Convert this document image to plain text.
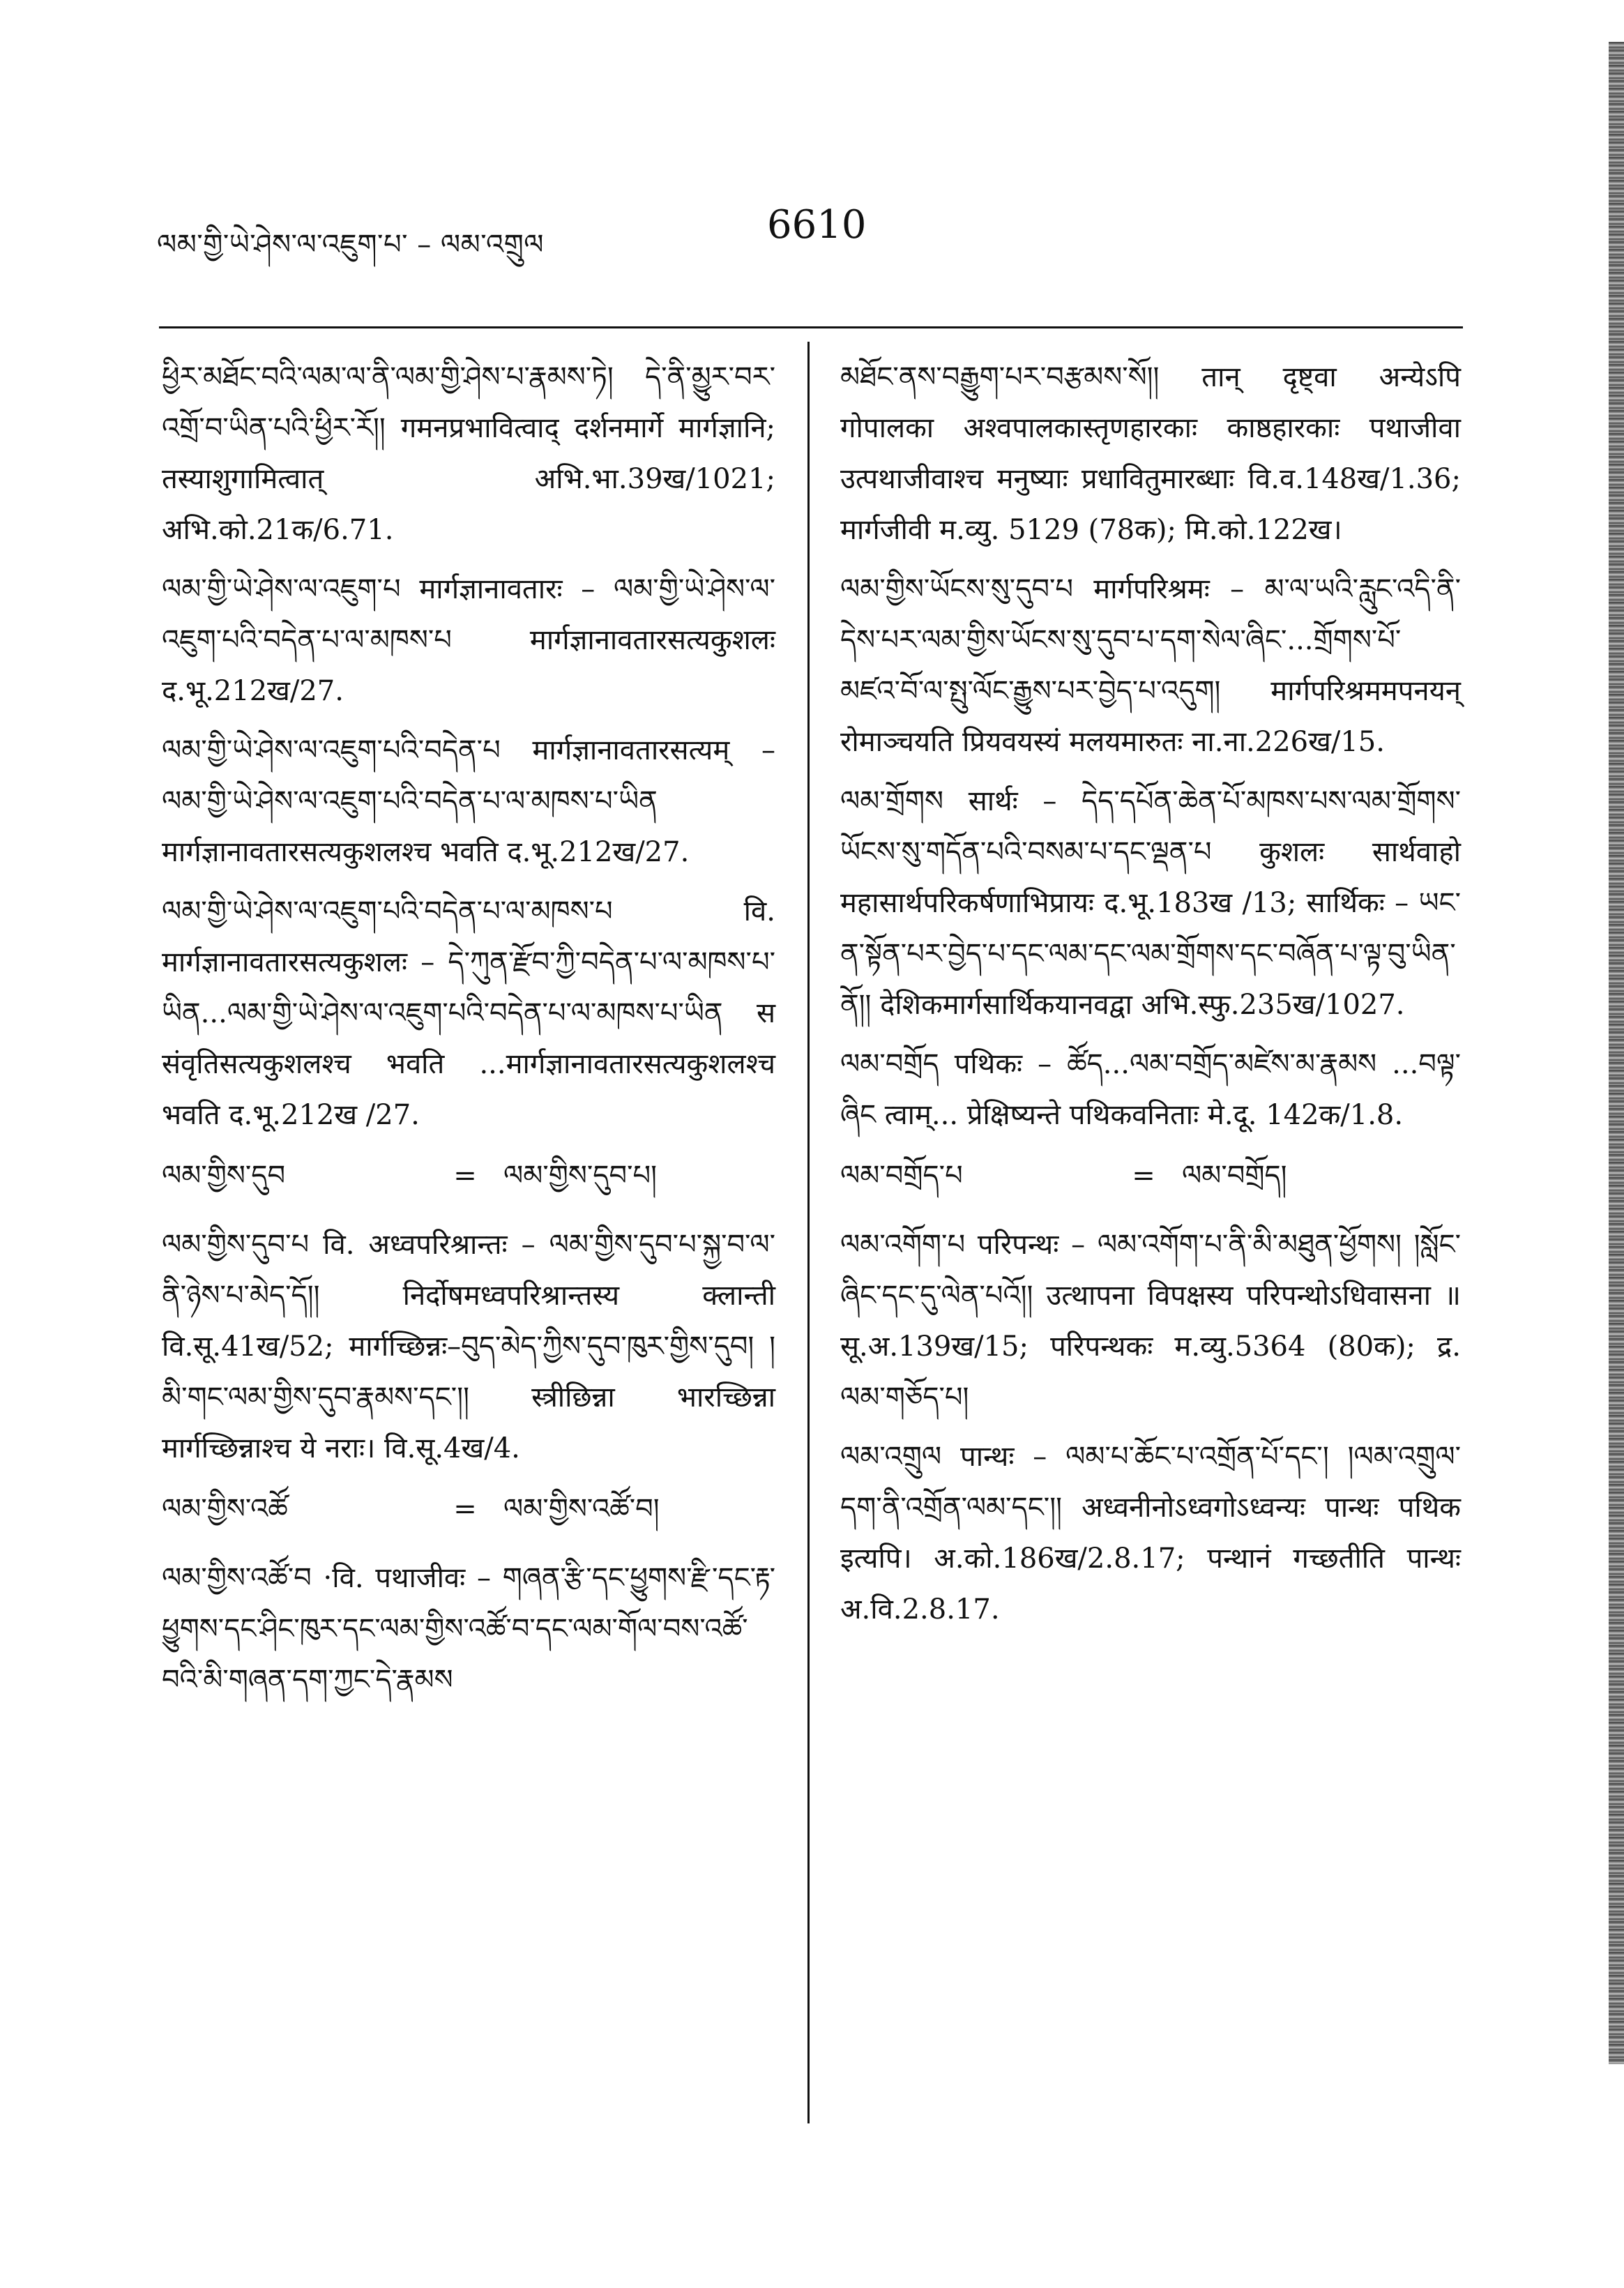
ལམ་གྱི་ཡེ་ཤེས་ལ་འཇུག་པ་ – ལམ་འགྲུལ	6610

ཕྱིར་མཐོང་བའི་ལམ་ལ་ནི་ལམ་གྱི་ཤེས་པ་རྣམས་ཏེ། དེ་ནི་མྱུར་བར་འགྲོ་བ་ཡིན་པའི་ཕྱིར་རོ།། गमनप्रभावित्वाद् दर्शनमार्गे मार्गज्ञानि; तस्याशुगामित्वात् अभि.भा.39ख/1021; अभि.को.21क/6.71.

ལམ་གྱི་ཡེ་ཤེས་ལ་འཇུག་པ मार्गज्ञानावतारः – ལམ་གྱི་ཡེ་ཤེས་ལ་འཇུག་པའི་བདེན་པ་ལ་མཁས་པ मार्गज्ञानावतारसत्यकुशलः द.भू.212ख/27.

ལམ་གྱི་ཡེ་ཤེས་ལ་འཇུག་པའི་བདེན་པ मार्गज्ञानावतारसत्यम् – ལམ་གྱི་ཡེ་ཤེས་ལ་འཇུག་པའི་བདེན་པ་ལ་མཁས་པ་ཡིན मार्गज्ञानावतारसत्यकुशलश्च भवति द.भू.212ख/27.

ལམ་གྱི་ཡེ་ཤེས་ལ་འཇུག་པའི་བདེན་པ་ལ་མཁས་པ वि. मार्गज्ञानावतारसत्यकुशलः – དེ་ཀུན་རྫོབ་ཀྱི་བདེན་པ་ལ་མཁས་པ་ཡིན...ལམ་གྱི་ཡེ་ཤེས་ལ་འཇུག་པའི་བདེན་པ་ལ་མཁས་པ་ཡིན स संवृतिसत्यकुशलश्च भवति ...मार्गज्ञानावतारसत्यकुशलश्च भवति द.भू.212ख /27.

ལམ་གྱིས་དུབ	= ལམ་གྱིས་དུབ་པ།

ལམ་གྱིས་དུབ་པ वि. अध्वपरिश्रान्तः – ལམ་གྱིས་དུབ་པ་སྐྱ་བ་ལ་ནི་ཉེས་པ་མེད་དོ།། निर्दोषमध्वपरिश्रान्तस्य क्लान्ती वि.सू.41ख/52; मार्गच्छिन्नः–བུད་མེད་ཀྱིས་དུབ་ཁུར་གྱིས་དུབ། །མི་གང་ལམ་གྱིས་དུབ་རྣམས་དང་།། स्त्रीछिन्ना भारच्छिन्ना मार्गच्छिन्नाश्च ये नराः। वि.सू.4ख/4.

ལམ་གྱིས་འཚོ	= ལམ་གྱིས་འཚོ་བ།

ལམ་གྱིས་འཚོ་བ ·वि. पथाजीवः – གཞན་རྩི་དང་ཕྱུགས་རྫི་དང་རྟ་ཕྱུགས་དང་ཤིང་ཁུར་དང་ལམ་གྱིས་འཚོ་བ་དང་ལམ་གོལ་བས་འཚོ་བའི་མི་གཞན་དག་ཀྱང་དེ་རྣམས

མཐོང་ནས་བརྒྱུག་པར་བརྩམས་སོ།། तान् दृष्ट्वा अन्येऽपि गोपालका अश्वपालकास्तृणहारकाः काष्ठहारकाः पथाजीवा उत्पथाजीवाश्च मनुष्याः प्रधावितुमारब्धाः वि.व.148ख/1.36; मार्गजीवी म.व्यु. 5129 (78क); मि.को.122ख।

ལམ་གྱིས་ཡོངས་སུ་དུབ་པ मार्गपरिश्रमः – མ་ལ་ཡའི་རླུང་འདི་ནི་དེས་པར་ལམ་གྱིས་ཡོངས་སུ་དུབ་པ་དག་སེལ་ཞིང་...གྲོགས་པོ་མཛའ་བོ་ལ་སྤུ་ལོང་རྒྱུས་པར་བྱེད་པ་འདུག། मार्गपरिश्रममपनयन् रोमाञ्चयति प्रियवयस्यं मलयमारुतः ना.ना.226ख/15.

ལམ་གྲོགས सार्थः – དེད་དཔོན་ཆེན་པོ་མཁས་པས་ལམ་གྲོགས་ཡོངས་སུ་གདོན་པའི་བསམ་པ་དང་ལྡན་པ कुशलः सार्थवाहो महासार्थपरिकर्षणाभिप्रायः द.भू.183ख /13; सार्थिकः – ཡང་ན་སྟོན་པར་བྱེད་པ་དང་ལམ་དང་ལམ་གྲོགས་དང་བཞོན་པ་ལྟ་བུ་ཡིན་ནོ།། देशिकमार्गसार्थिकयानवद्वा अभि.स्फु.235ख/1027.

ལམ་བགྲོད पथिकः – ཚོད...ལམ་བགྲོད་མཛེས་མ་རྣམས ...བལྟ་ཞིང त्वाम्... प्रेक्षिष्यन्ते पथिकवनिताः मे.दू. 142क/1.8.

ལམ་བགྲོད་པ	= ལམ་བགྲོད།

ལམ་འགོག་པ परिपन्थः – ལམ་འགོག་པ་ནི་མི་མཐུན་ཕྱོགས། །སློང་ཞིང་དང་དུ་ལེན་པའོ།། उत्थापना विपक्षस्य परिपन्थोऽधिवासना ॥ सू.अ.139ख/15; परिपन्थकः म.व्यु.5364 (80क); द्र. ལམ་གཅོད་པ།

ལམ་འགྲུལ पान्थः – ལམ་པ་ཆོང་པ་འགྲོན་པོ་དང་། །ལམ་འགྲུལ་དག་ནི་འགྲོན་ལམ་དང་།། अध्वनीनोऽध्वगोऽध्वन्यः पान्थः पथिक इत्यपि। अ.को.186ख/2.8.17; पन्थानं गच्छतीति पान्थः अ.वि.2.8.17.
